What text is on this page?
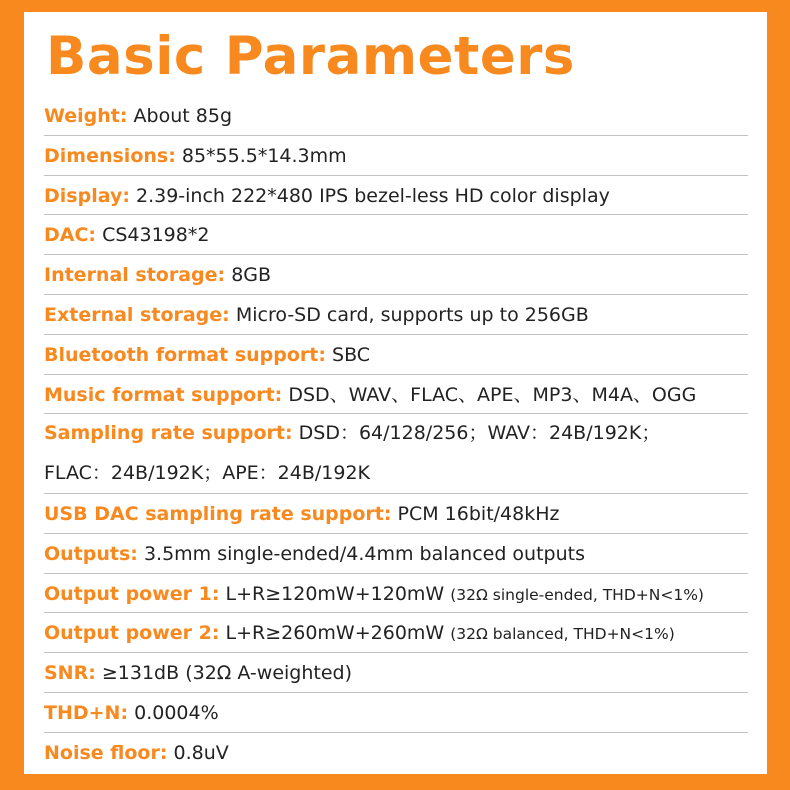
Basic Parameters
Weight: About 85g
Dimensions: 85*55.5*14.3mm
Display: 2.39-inch 222*480 IPS bezel-less HD color display
DAC: CS43198*2
Internal storage: 8GB
External storage: Micro-SD card, supports up to 256GB
Bluetooth format support: SBC
Music format support: DSD、WAV、FLAC、APE、MP3、M4A、OGG
Sampling rate support: DSD：64/128/256；WAV：24B/192K；
FLAC：24B/192K；APE：24B/192K
USB DAC sampling rate support: PCM 16bit/48kHz
Outputs: 3.5mm single-ended/4.4mm balanced outputs
Output power 1: L+R≥120mW+120mW (32Ω single-ended, THD+N<1%)
Output power 2: L+R≥260mW+260mW (32Ω balanced, THD+N<1%)
SNR: ≥131dB (32Ω A-weighted)
THD+N: 0.0004%
Noise floor: 0.8uV
